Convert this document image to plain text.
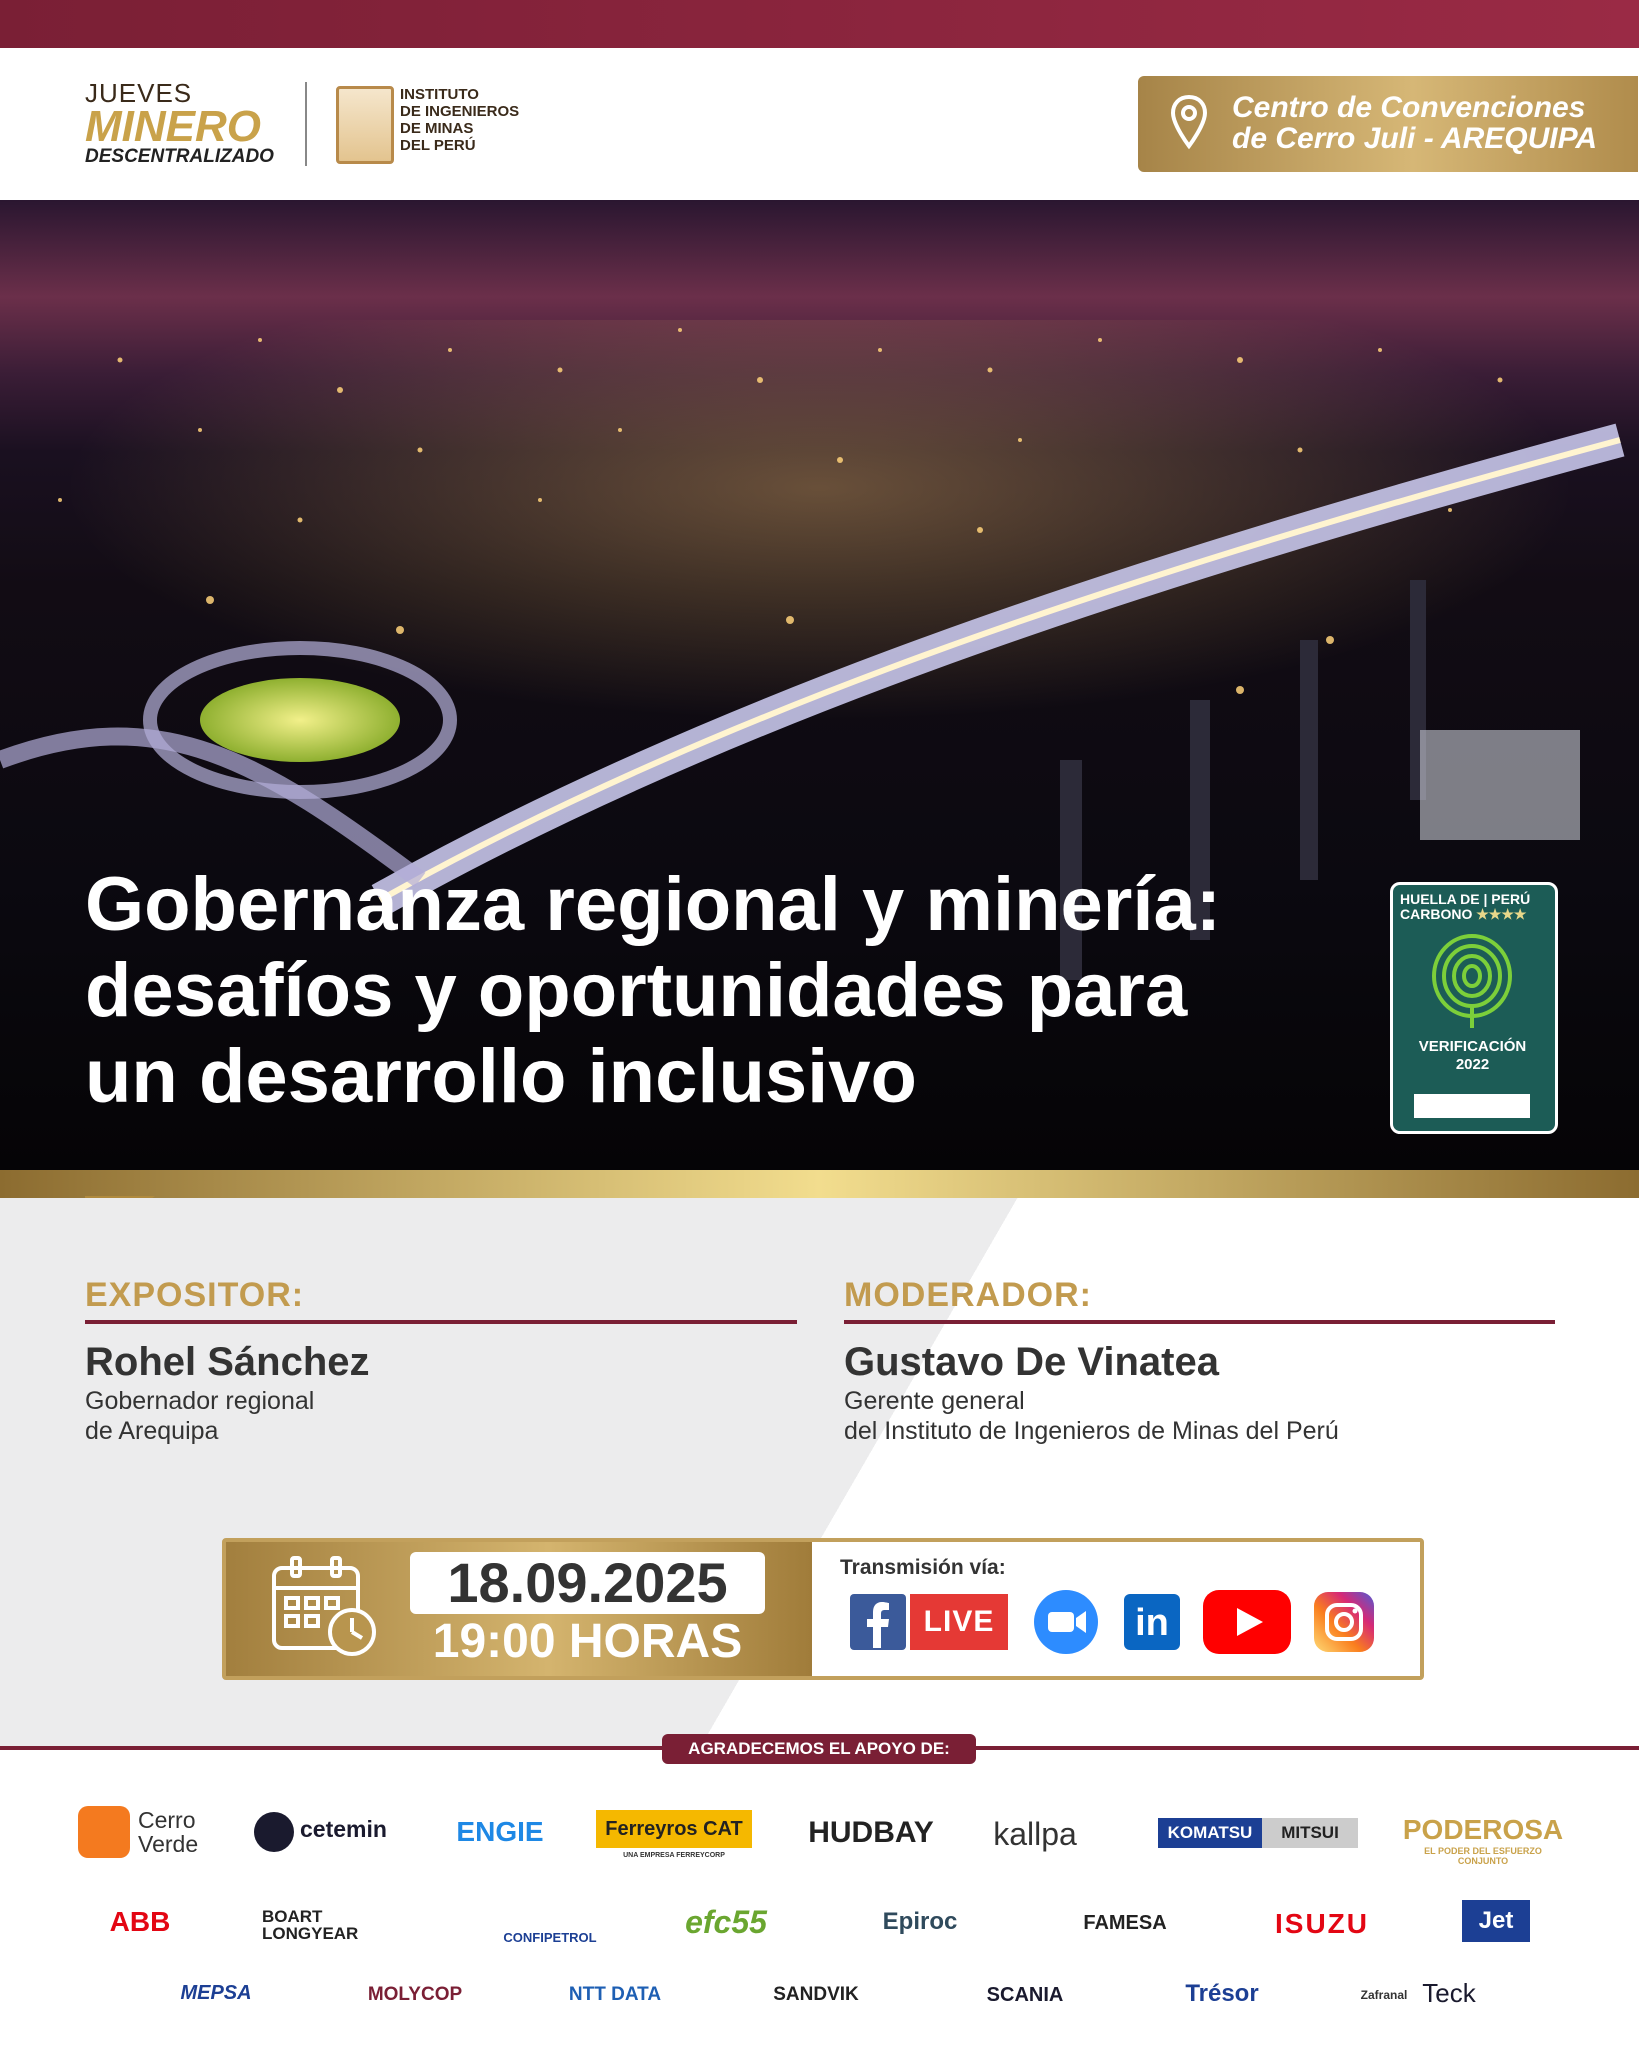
JUEVES
MINERO
DESCENTRALIZADO
INSTITUTO
DE INGENIEROS
DE MINAS
DEL PERÚ
Centro de Convenciones
de Cerro Juli - AREQUIPA
Gobernanza regional y minería:
desafíos y oportunidades para
un desarrollo inclusivo
HUELLA DE | PERÚ
CARBONO ★★★★
VERIFICACIÓN
2022
EXPOSITOR:
Rohel Sánchez
Gobernador regional
de Arequipa
MODERADOR:
Gustavo De Vinatea
Gerente general
del Instituto de Ingenieros de Minas del Perú
18.09.2025
19:00 HORAS
Transmisión vía:
LIVE	in
AGRADECEMOS EL APOYO DE:
Cerro Verde
cetemin	ENGIE	Ferreyros CAT
UNA EMPRESA FERREYCORP
HUDBAY	kallpa	KOMATSU	MITSUI	PODEROSA
EL PODER DEL ESFUERZO CONJUNTO
ABB	BOART LONGYEAR	CONFIPETROL	efc55	Epiroc	FAMESA	ISUZU	Jet
MEPSA	MOLYCOP	NTT DATA	SANDVIK	SCANIA	Trésor	Zafranal Teck
